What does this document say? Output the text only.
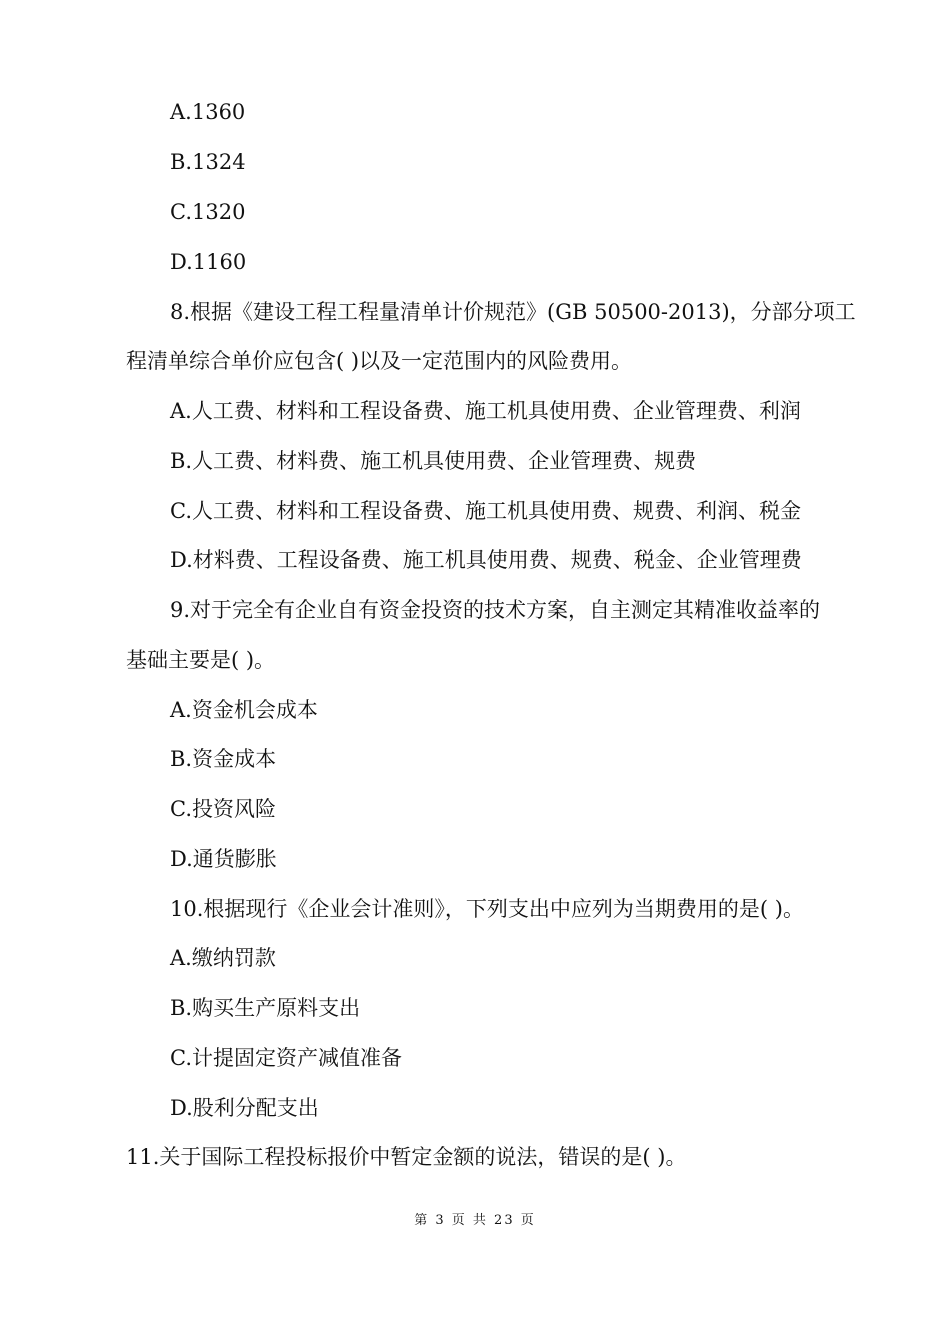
A.1360
B.1324
C.1320
D.1160
8.根据《建设工程工程量清单计价规范》(GB 50500-2013)，分部分项工
程清单综合单价应包含( )以及一定范围内的风险费用。
A.人工费、材料和工程设备费、施工机具使用费、企业管理费、利润
B.人工费、材料费、施工机具使用费、企业管理费、规费
C.人工费、材料和工程设备费、施工机具使用费、规费、利润、税金
D.材料费、工程设备费、施工机具使用费、规费、税金、企业管理费
9.对于完全有企业自有资金投资的技术方案，自主测定其精准收益率的
基础主要是( )。
A.资金机会成本
B.资金成本
C.投资风险
D.通货膨胀
10.根据现行《企业会计准则》，下列支出中应列为当期费用的是( )。
A.缴纳罚款
B.购买生产原料支出
C.计提固定资产减值准备
D.股利分配支出
11.关于国际工程投标报价中暂定金额的说法，错误的是( )。
第 3 页 共 23 页
